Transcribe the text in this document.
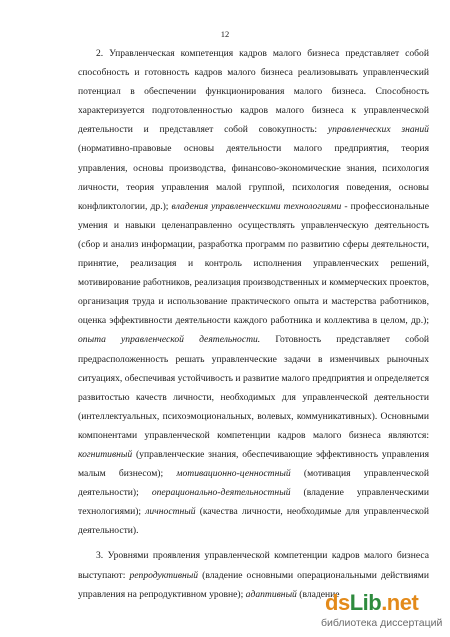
12

2. Управленческая компетенция кадров малого бизнеса представляет собой способность и готовность кадров малого бизнеса реализовывать управленческий потенциал в обеспечении функционирования малого бизнеса. Способность характеризуется подготовленностью кадров малого бизнеса к управленческой деятельности и представляет собой совокупность: управленческих знаний (нормативно-правовые основы деятельности малого предприятия, теория управления, основы производства, финансово-экономические знания, психология личности, теория управления малой группой, психология поведения, основы конфликтологии, др.); владения управленческими технологиями - профессиональные умения и навыки целенаправленно осуществлять управленческую деятельность (сбор и анализ информации, разработка программ по развитию сферы деятельности, принятие, реализация и контроль исполнения управленческих решений, мотивирование работников, реализация производственных и коммерческих проектов, организация труда и использование практического опыта и мастерства работников, оценка эффективности деятельности каждого работника и коллектива в целом, др.); опыта управленческой деятельности. Готовность представляет собой предрасположенность решать управленческие задачи в изменчивых рыночных ситуациях, обеспечивая устойчивость и развитие малого предприятия и определяется развитостью качеств личности, необходимых для управленческой деятельности (интеллектуальных, психоэмоциональных, волевых, коммуникативных). Основными компонентами управленческой компетенции кадров малого бизнеса являются: когнитивный (управленческие знания, обеспечивающие эффективность управления малым бизнесом); мотивационно-ценностный (мотивация управленческой деятельности); операционально-деятельностный (владение управленческими технологиями); личностный (качества личности, необходимые для управленческой деятельности).

3. Уровнями проявления управленческой компетенции кадров малого бизнеса выступают: репродуктивный (владение основными операциональными действиями управления на репродуктивном уровне); адаптивный (владение

dsLib.net
библиотека диссертаций
